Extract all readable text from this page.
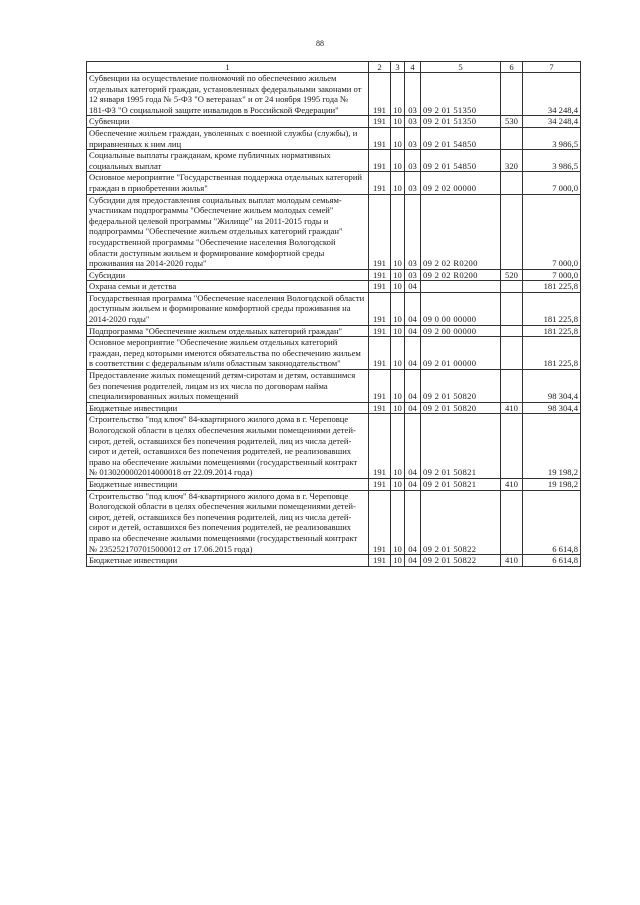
88
1	2	3	4	5	6	7
Субвенции на осуществление полномочий по обеспечению жильем отдельных категорий граждан, установленных федеральными законами от 12 января 1995 года № 5-ФЗ "О ветеранах" и от 24 ноября 1995 года № 181-ФЗ "О социальной защите инвалидов в Российской Федерации"	191	10	03	09 2 01 51350		34 248,4
Субвенции	191	10	03	09 2 01 51350	530	34 248,4
Обеспечение жильем граждан, уволенных с военной службы (службы), и приравненных к ним лиц	191	10	03	09 2 01 54850		3 986,5
Социальные выплаты гражданам, кроме публичных нормативных социальных выплат	191	10	03	09 2 01 54850	320	3 986,5
Основное мероприятие "Государственная поддержка отдельных категорий граждан в приобретении жилья"	191	10	03	09 2 02 00000		7 000,0
Субсидии для предоставления социальных выплат молодым семьям-участникам подпрограммы "Обеспечение жильем молодых семей" федеральной целевой программы "Жилище" на 2011-2015 годы и подпрограммы "Обеспечение жильем отдельных категорий граждан" государственной программы "Обеспечение населения Вологодской области доступным жильем и формирование комфортной среды проживания на 2014-2020 годы"	191	10	03	09 2 02 R0200		7 000,0
Субсидии	191	10	03	09 2 02 R0200	520	7 000,0
Охрана семьи и детства	191	10	04			181 225,8
Государственная программа "Обеспечение населения Вологодской области доступным жильем и формирование комфортной среды проживания на 2014-2020 годы"	191	10	04	09 0 00 00000		181 225,8
Подпрограмма "Обеспечение жильем отдельных категорий граждан"	191	10	04	09 2 00 00000		181 225,8
Основное мероприятие "Обеспечение жильем отдельных категорий граждан, перед которыми имеются обязательства по обеспечению жильем в соответствии с федеральным и/или областным законодательством"	191	10	04	09 2 01 00000		181 225,8
Предоставление жилых помещений детям-сиротам и детям, оставшимся без попечения родителей, лицам из их числа по договорам найма специализированных жилых помещений	191	10	04	09 2 01 50820		98 304,4
Бюджетные инвестиции	191	10	04	09 2 01 50820	410	98 304,4
Строительство "под ключ" 84-квартирного жилого дома в г. Череповце Вологодской области в целях обеспечения жилыми помещениями детей-сирот, детей, оставшихся без попечения родителей, лиц из числа детей-сирот и детей, оставшихся без попечения родителей, не реализовавших право на обеспечение жилыми помещениями (государственный контракт № 0130200002014000018 от 22.09.2014 года)	191	10	04	09 2 01 50821		19 198,2
Бюджетные инвестиции	191	10	04	09 2 01 50821	410	19 198,2
Строительство "под ключ" 84-квартирного жилого дома в г. Череповце Вологодской области в целях обеспечения жилыми помещениями детей-сирот, детей, оставшихся без попечения родителей, лиц из числа детей-сирот и детей, оставшихся без попечения родителей, не реализовавших право на обеспечение жилыми помещениями (государственный контракт № 2352521707015000012 от 17.06.2015 года)	191	10	04	09 2 01 50822		6 614,8
Бюджетные инвестиции	191	10	04	09 2 01 50822	410	6 614,8
